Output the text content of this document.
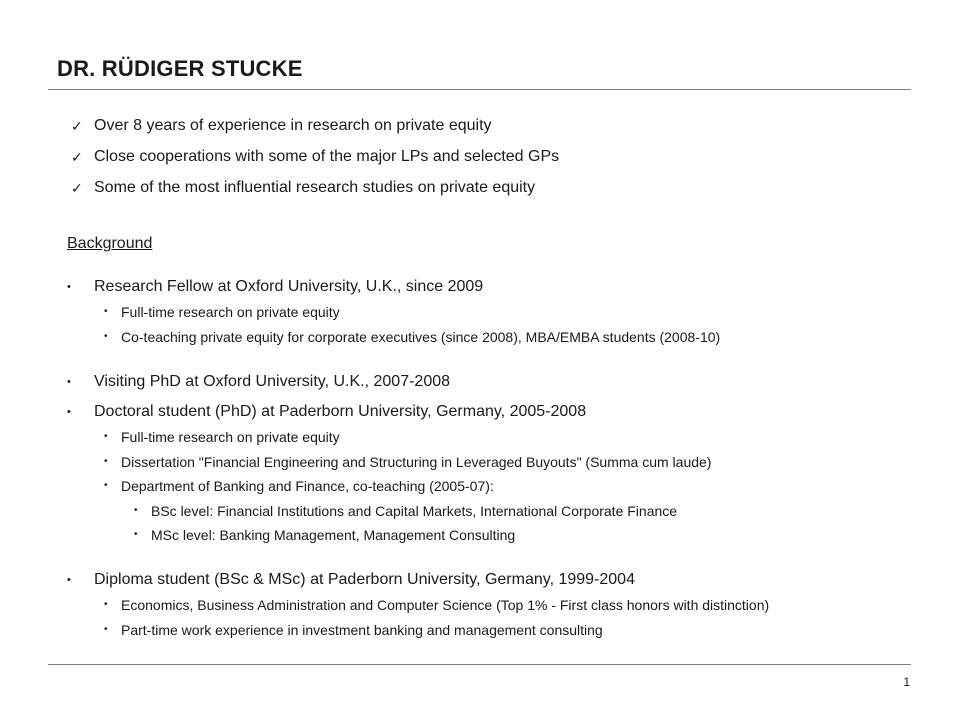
DR. RÜDIGER STUCKE
✓ Over 8 years of experience in research on private equity
✓ Close cooperations with some of the major LPs and selected GPs
✓ Some of the most influential research studies on private equity
Background
• Research Fellow at Oxford University, U.K., since 2009
• Full-time research on private equity
• Co-teaching private equity for corporate executives (since 2008), MBA/EMBA students (2008-10)
• Visiting PhD at Oxford University, U.K., 2007-2008
• Doctoral student (PhD) at Paderborn University, Germany, 2005-2008
• Full-time research on private equity
• Dissertation "Financial Engineering and Structuring in Leveraged Buyouts" (Summa cum laude)
• Department of Banking and Finance, co-teaching (2005-07):
• BSc level: Financial Institutions and Capital Markets, International Corporate Finance
• MSc level: Banking Management, Management Consulting
• Diploma student (BSc & MSc) at Paderborn University, Germany, 1999-2004
• Economics, Business Administration and Computer Science (Top 1% - First class honors with distinction)
• Part-time work experience in investment banking and management consulting
1
